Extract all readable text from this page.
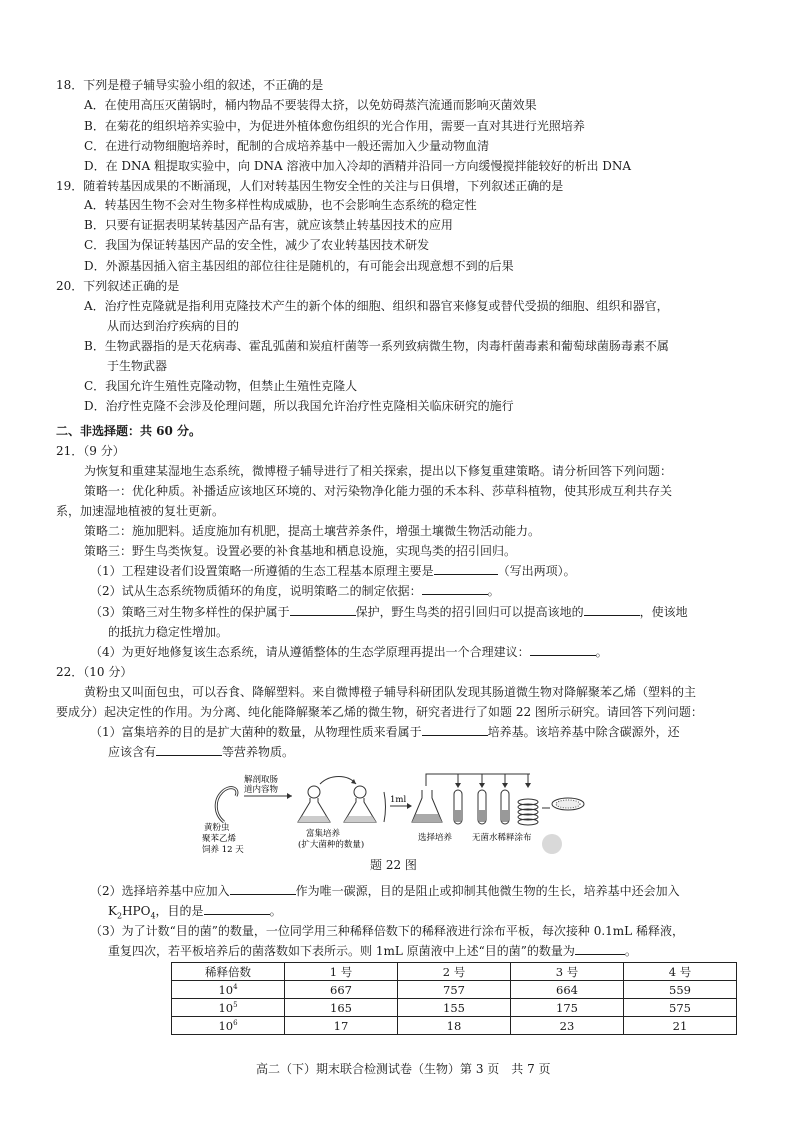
18．下列是橙子辅导实验小组的叙述，不正确的是
A．在使用高压灭菌锅时，桶内物品不要装得太挤，以免妨碍蒸汽流通而影响灭菌效果
B．在菊花的组织培养实验中，为促进外植体愈伤组织的光合作用，需要一直对其进行光照培养
C．在进行动物细胞培养时，配制的合成培养基中一般还需加入少量动物血清
D．在 DNA 粗提取实验中，向 DNA 溶液中加入冷却的酒精并沿同一方向缓慢搅拌能较好的析出 DNA
19．随着转基因成果的不断涌现，人们对转基因生物安全性的关注与日俱增，下列叙述正确的是
A．转基因生物不会对生物多样性构成威胁，也不会影响生态系统的稳定性
B．只要有证据表明某转基因产品有害，就应该禁止转基因技术的应用
C．我国为保证转基因产品的安全性，减少了农业转基因技术研发
D．外源基因插入宿主基因组的部位往往是随机的，有可能会出现意想不到的后果
20．下列叙述正确的是
A．治疗性克隆就是指利用克隆技术产生的新个体的细胞、组织和器官来修复或替代受损的细胞、组织和器官，
从而达到治疗疾病的目的
B．生物武器指的是天花病毒、霍乱弧菌和炭疽杆菌等一系列致病微生物，肉毒杆菌毒素和葡萄球菌肠毒素不属
于生物武器
C．我国允许生殖性克隆动物，但禁止生殖性克隆人
D．治疗性克隆不会涉及伦理问题，所以我国允许治疗性克隆相关临床研究的施行
二、非选择题：共 60 分。
21．（9 分）
为恢复和重建某湿地生态系统，微博橙子辅导进行了相关探索，提出以下修复重建策略。请分析回答下列问题：
策略一：优化种质。补播适应该地区环境的、对污染物净化能力强的禾本科、莎草科植物，使其形成互利共存关
系，加速湿地植被的复壮更新。
策略二：施加肥料。适度施加有机肥，提高土壤营养条件，增强土壤微生物活动能力。
策略三：野生鸟类恢复。设置必要的补食基地和栖息设施，实现鸟类的招引回归。
（1）工程建设者们设置策略一所遵循的生态工程基本原理主要是	（写出两项）。
（2）试从生态系统物质循环的角度，说明策略二的制定依据：	。
（3）策略三对生物多样性的保护属于	保护，野生鸟类的招引回归可以提高该地的	，使该地
的抵抗力稳定性增加。
（4）为更好地修复该生态系统，请从遵循整体的生态学原理再提出一个合理建议：	。
22．（10 分）
黄粉虫又叫面包虫，可以吞食、降解塑料。来自微博橙子辅导科研团队发现其肠道微生物对降解聚苯乙烯（塑料的主
要成分）起决定性的作用。为分离、纯化能降解聚苯乙烯的微生物，研究者进行了如题 22 图所示研究。请回答下列问题：
（1）富集培养的目的是扩大菌种的数量，从物理性质来看属于	培养基。该培养基中除含碳源外，还
应该含有	等营养物质。
解剖取肠
道内容物
黄粉虫
聚苯乙烯
饲养 12 天
富集培养
(扩大菌种的数量)
1ml
选择培养 无菌水稀释涂布
题 22 图
（2）选择培养基中应加入	作为唯一碳源，目的是阻止或抑制其他微生物的生长，培养基中还会加入
$K_2HPO_4$，目的是	。
（3）为了计数“目的菌”的数量，一位同学用三种稀释倍数下的稀释液进行涂布平板，每次接种 0.1mL 稀释液，
重复四次，若平板培养后的菌落数如下表所示。则 1mL 原菌液中上述“目的菌”的数量为	。
稀释倍数	1 号	2 号	3 号	4 号
$10^4$	667	757	664	559
$10^5$	165	155	175	575
$10^6$	17	18	23	21
高二（下）期末联合检测试卷（生物）第 3 页　共 7 页
